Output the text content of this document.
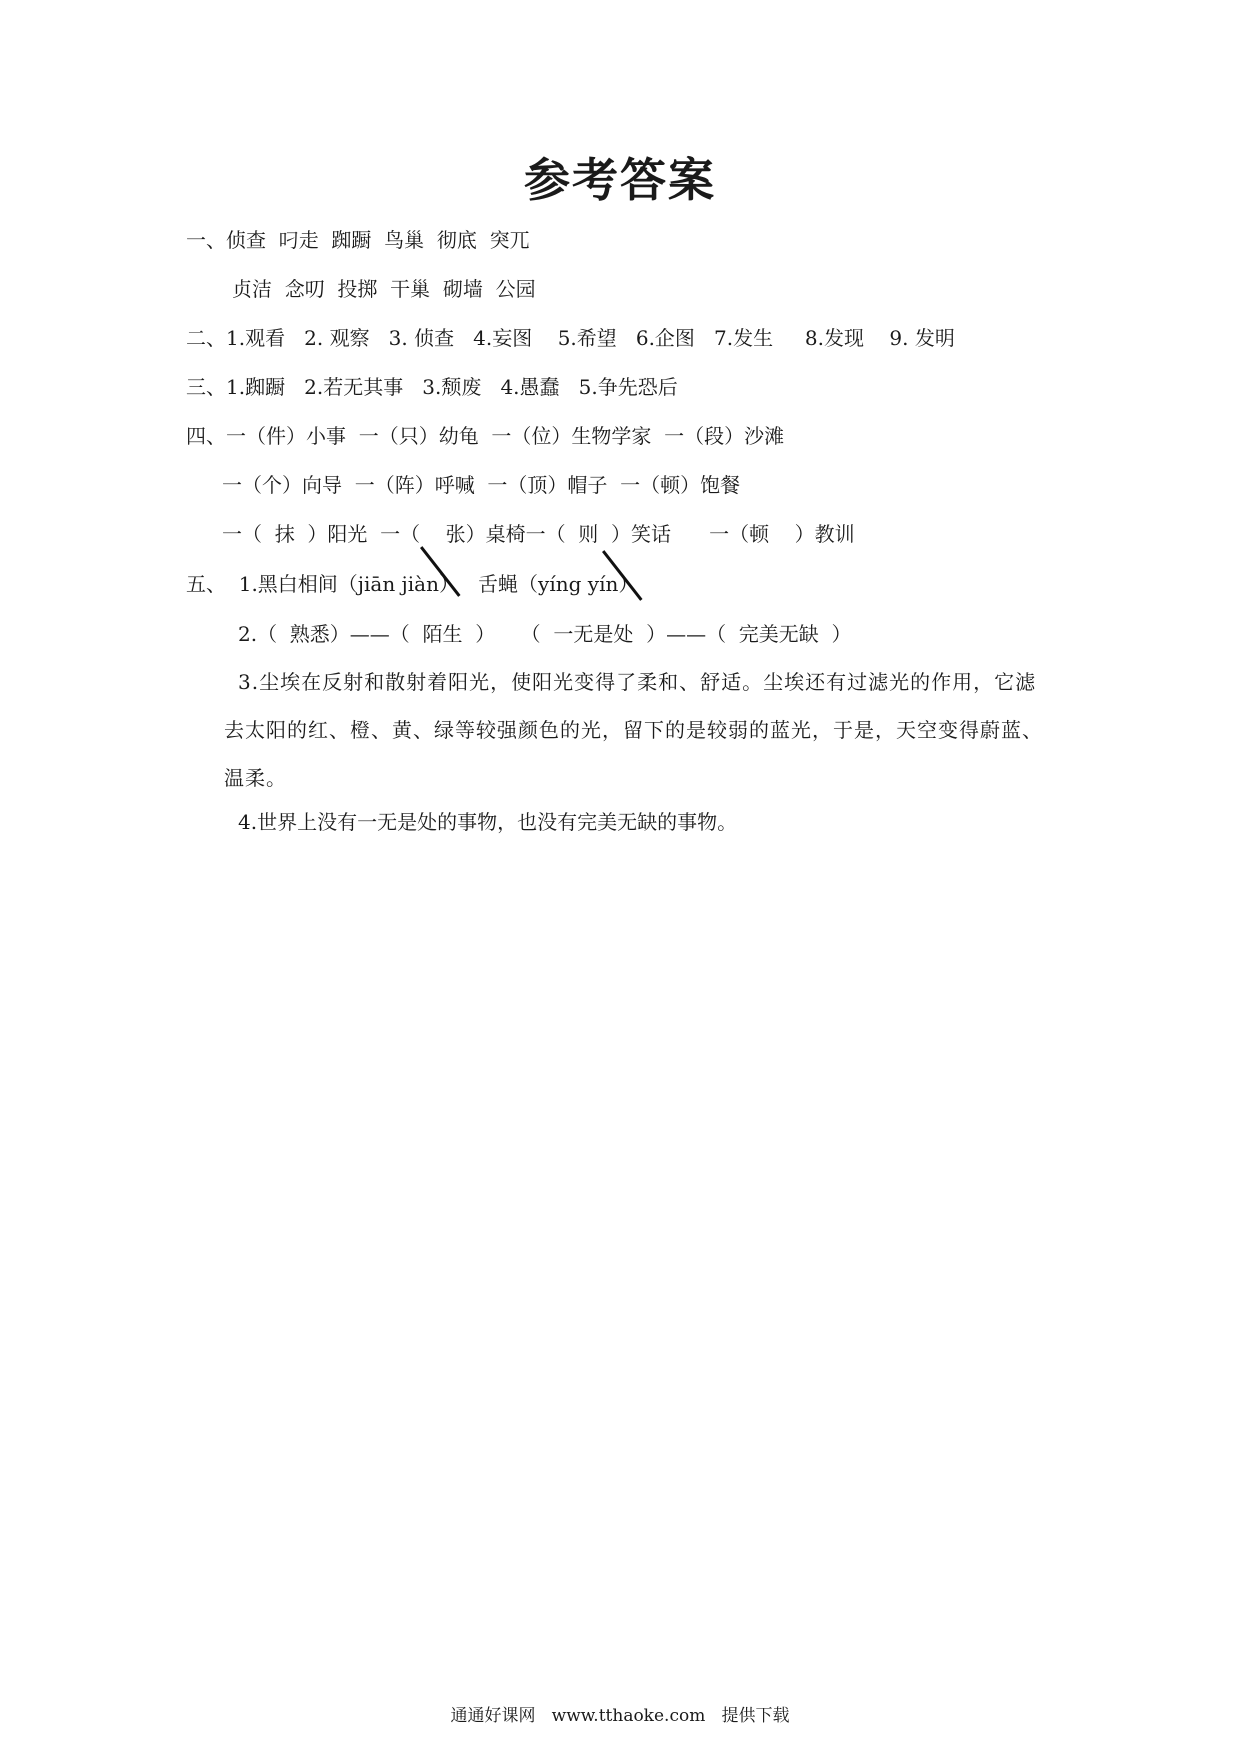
参考答案
一、侦查  叼走  踟蹰  鸟巢  彻底  突兀
贞洁  念叨  投掷  干巢  砌墙  公园
二、1.观看   2. 观察   3. 侦查   4.妄图    5.希望   6.企图   7.发生     8.发现    9. 发明
三、1.踟蹰   2.若无其事   3.颓废   4.愚蠢   5.争先恐后
四、一（件）小事  一（只）幼龟  一（位）生物学家  一（段）沙滩
一（个）向导  一（阵）呼喊  一（顶）帽子  一（顿）饱餐
一（  抹  ）阳光  一（    张）桌椅一（  则  ）笑话      一（顿    ）教训
五、  1.黑白相间（jiān jiàn）   舌蝇（yíng yín）
2.（  熟悉）——（  陌生  ）    （  一无是处  ）——（  完美无缺  ）
3.尘埃在反射和散射着阳光，使阳光变得了柔和、舒适。尘埃还有过滤光的作用，它滤去太阳的红、橙、黄、绿等较强颜色的光，留下的是较弱的蓝光，于是，天空变得蔚蓝、温柔。
4.世界上没有一无是处的事物，也没有完美无缺的事物。
通通好课网   www.tthaoke.com   提供下载
